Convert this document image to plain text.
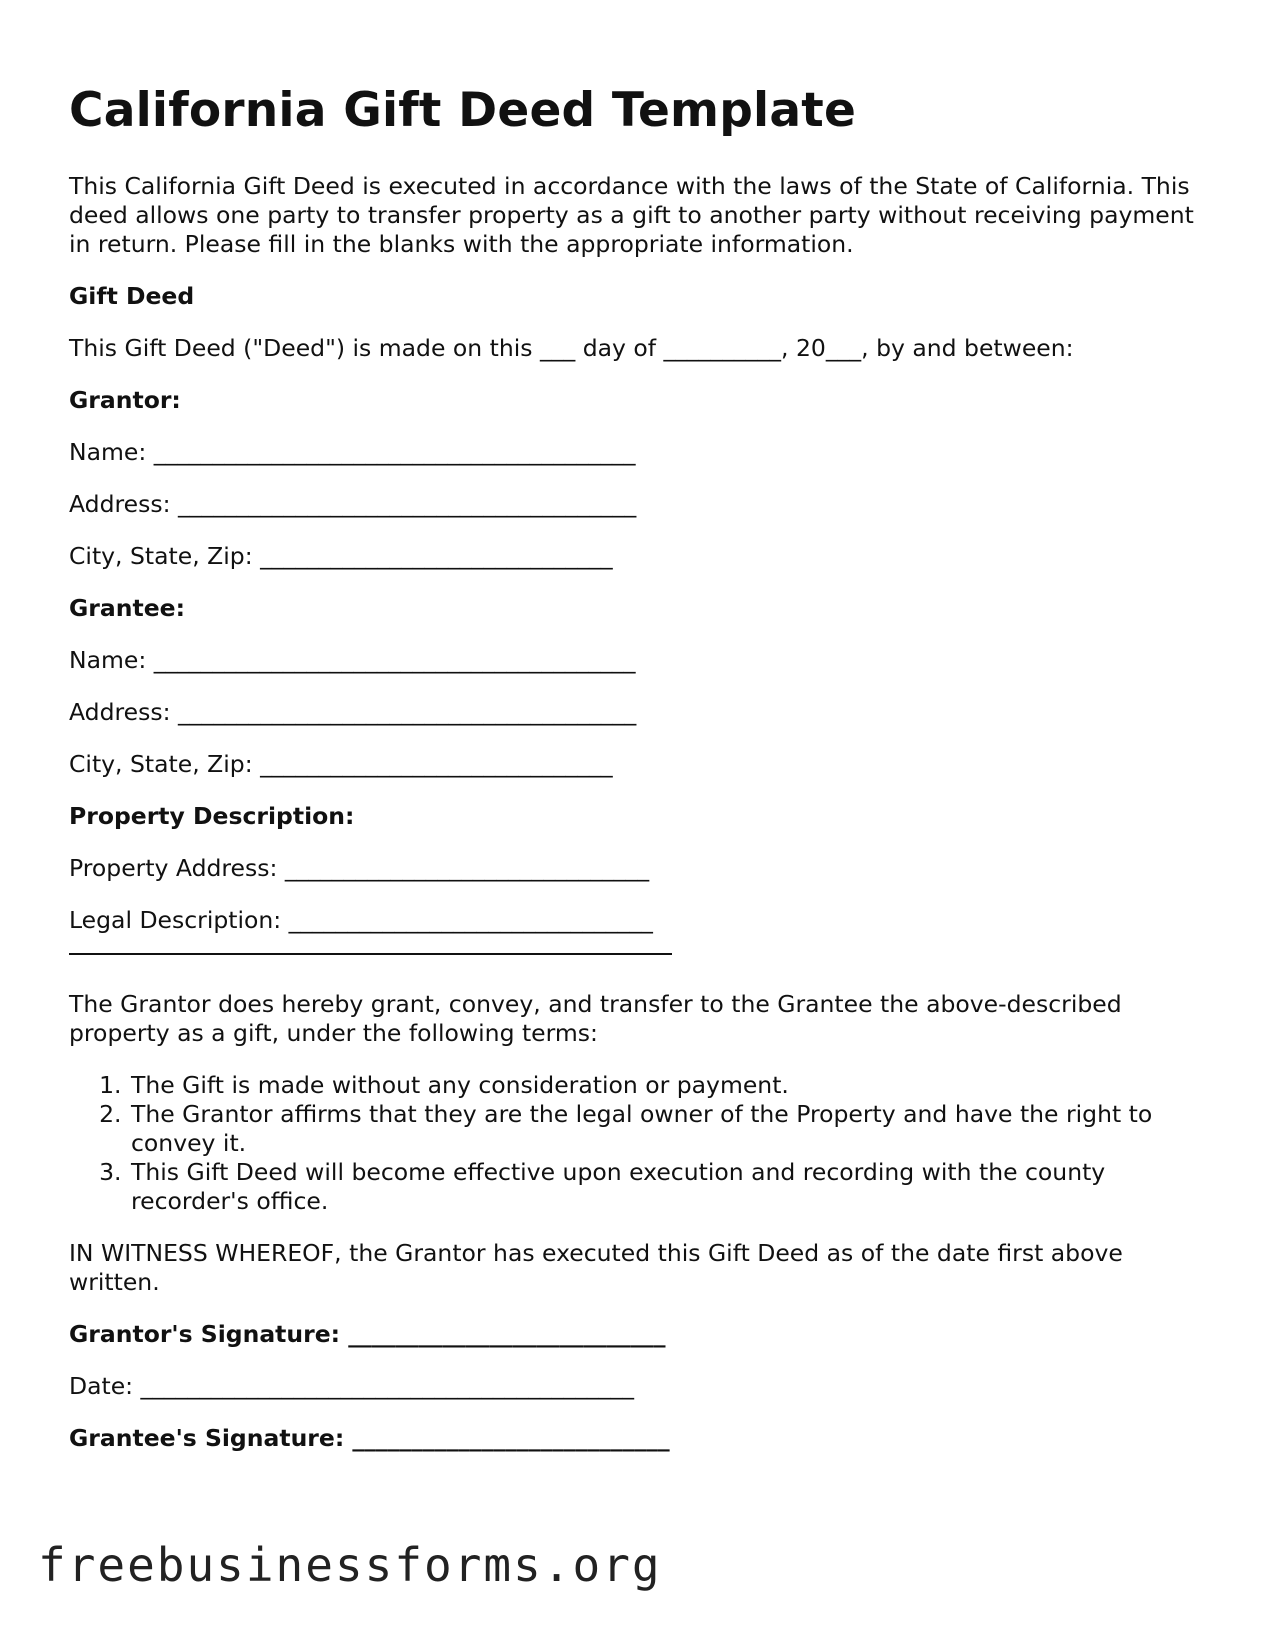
California Gift Deed Template

This California Gift Deed is executed in accordance with the laws of the State of California. This deed allows one party to transfer property as a gift to another party without receiving payment in return. Please fill in the blanks with the appropriate information.

Gift Deed

This Gift Deed ("Deed") is made on this ___ day of __________, 20___, by and between:

Grantor:

Name: _________________________________________

Address: _______________________________________

City, State, Zip: ______________________________

Grantee:

Name: _________________________________________

Address: _______________________________________

City, State, Zip: ______________________________

Property Description:

Property Address: _______________________________

Legal Description: _______________________________

The Grantor does hereby grant, convey, and transfer to the Grantee the above-described property as a gift, under the following terms:

1. The Gift is made without any consideration or payment.
2. The Grantor affirms that they are the legal owner of the Property and have the right to convey it.
3. This Gift Deed will become effective upon execution and recording with the county recorder's office.

IN WITNESS WHEREOF, the Grantor has executed this Gift Deed as of the date first above written.

Grantor's Signature: ___________________________

Date: __________________________________________

Grantee's Signature: ___________________________

freebusinessforms.org
